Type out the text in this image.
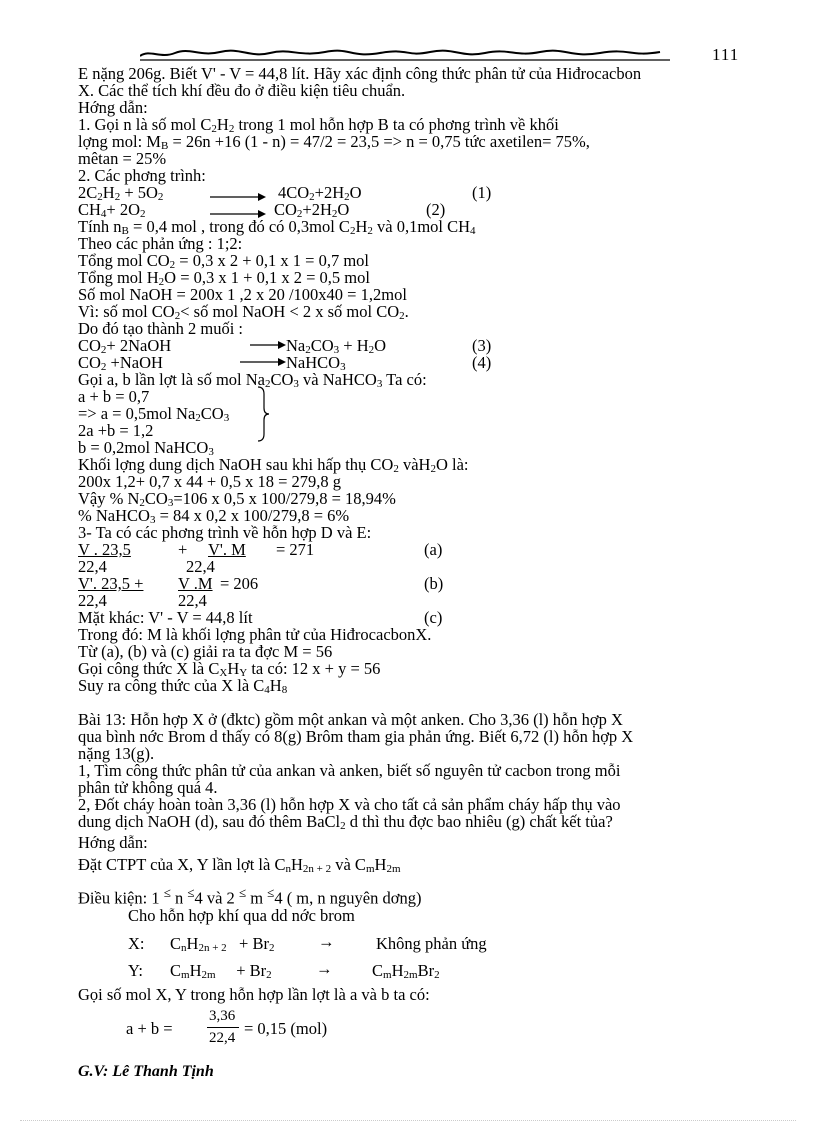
111
E nặng 206g. Biết V' - V = 44,8 lít. Hãy xác định công thức phân tử của Hiđrocacbon
X. Các thể tích khí đều đo ở điều kiện tiêu chuẩn.
Hớng dẫn:
1. Gọi n là số mol $C_2H_2$ trong 1 mol hỗn hợp B ta có phơng trình về khối
lợng mol: $M_B = 26n +16$ (1 - n) = 47/2 = 23,5 => n = 0,75 tức axetilen= 75%,
mêtan = 25%
2. Các phơng trình:
$2C_2H_2 + 5O_2$	→ $4CO_2+2H_2O$	(1)
$CH_4+ 2O_2$	→ $CO_2+2H_2O$	(2)
Tính $n_B = 0,4$ mol , trong đó có 0,3mol $C_2H_2$ và 0,1mol $CH_4$
Theo các phản ứng : 1;2:
Tổng mol $CO_2 = 0,3$ x 2 + 0,1 x 1 = 0,7 mol
Tổng mol $H_2O = 0,3$ x 1 + 0,1 x 2 = 0,5 mol
Số mol NaOH = 200x 1 ,2 x 20 /100x40 = 1,2mol
Vì: số mol $CO_2<$ số mol NaOH < 2 x số mol $CO_2$.
Do đó tạo thành 2 muối :
$CO_2+$ 2NaOH	→ $Na_2CO_3 + H_2O$	(3)
$CO_2$ +NaOH	→ NaHCO$_3$	(4)
Gọi a, b lần lợt là số mol $Na_2CO_3$ và NaHCO$_3$ Ta có:
a + b = 0,7
=> a = 0,5mol $Na_2CO_3$
2a +b = 1,2
b = 0,2mol NaHCO$_3$
Khối lợng dung dịch NaOH sau khi hấp thụ $CO_2$ vàH$_2$O là:
200x 1,2+ 0,7 x 44 + 0,5 x 18 = 279,8 g
Vậy % $N_2CO_3=106$ x 0,5 x 100/279,8 = 18,94%
% NaHCO$_3$ = 84 x 0,2 x 100/279,8 = 6%
3- Ta có các phơng trình về hỗn hợp D và E:
V . 23,5	+ V'. M = 271	(a)
22,4	22,4
V'. 23,5 + V .M = 206	(b)
22,4	22,4
Mặt khác: V' - V = 44,8 lít	(c)
Trong đó: M là khối lợng phân tử của HiđrocacbonX.
Từ (a), (b) và (c) giải ra ta đợc M = 56
Gọi công thức X là $C_XH_Y$ ta có: 12 x + y = 56
Suy ra công thức của X là $C_4H_8$
Bài 13: Hỗn hợp X ở (đktc) gồm một ankan và một anken. Cho 3,36 (l) hỗn hợp X
qua bình nớc Brom d thấy có 8(g) Brôm tham gia phản ứng. Biết 6,72 (l) hỗn hợp X
nặng 13(g).
1, Tìm công thức phân tử của ankan và anken, biết số nguyên tử cacbon trong mỗi
phân tử không quá 4.
2, Đốt cháy hoàn toàn 3,36 (l) hỗn hợp X và cho tất cả sản phẩm cháy hấp thụ vào
dung dịch NaOH (d), sau đó thêm BaCl$_2$ d thì thu đợc bao nhiêu (g) chất kết tủa?
Hớng dẫn:
Đặt CTPT của X, Y lần lợt là $C_nH_{2n + 2}$ và $C_mH_{2m}$
Điều kiện: 1 ≤ n ≤4 và 2 ≤ m ≤4 ( m, n nguyên dơng)
Cho hỗn hợp khí qua dd nớc brom
X: $C_nH_{2n + 2} + Br_2$	→	Không phản ứng
Y: $C_mH_{2m} + Br_2$	→ $C_mH_{2m}Br_2$
Gọi số mol X, Y trong hỗn hợp lần lợt là a và b ta có:
a + b =
3,36
22,4 = 0,15 (mol)
G.V: Lê Thanh Tịnh
